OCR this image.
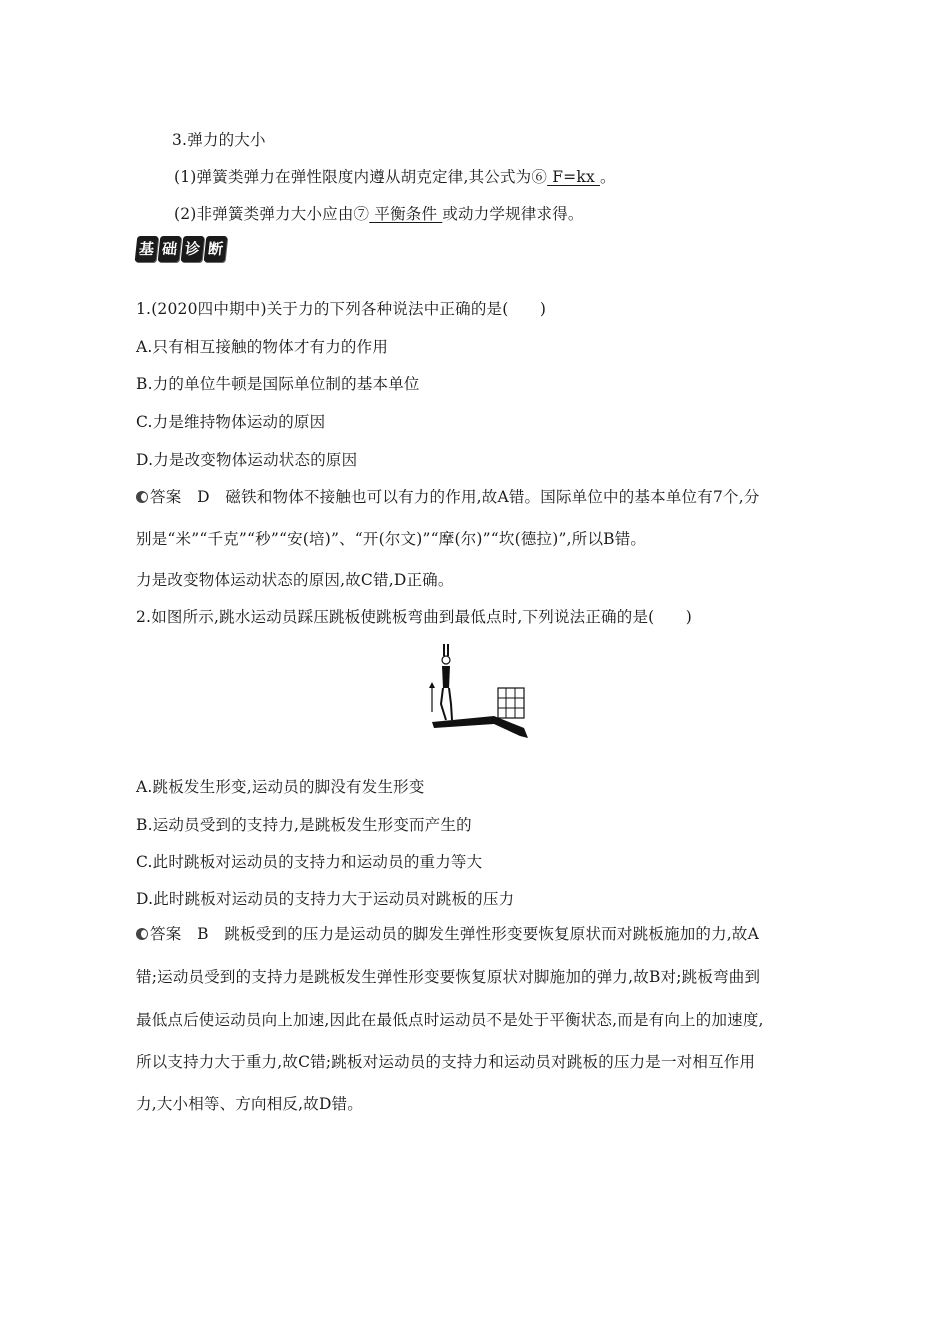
3.弹力的大小
(1)弹簧类弹力在弹性限度内遵从胡克定律,其公式为⑥ F=kx 。
(2)非弹簧类弹力大小应由⑦ 平衡条件 或动力学规律求得。
基 础 诊 断
1.(2020四中期中)关于力的下列各种说法中正确的是(　　)
A.只有相互接触的物体才有力的作用
B.力的单位牛顿是国际单位制的基本单位
C.力是维持物体运动的原因
D.力是改变物体运动状态的原因
答案　 D　磁铁和物体不接触也可以有力的作用,故A错。国际单位中的基本单位有7个,分
别是“米”“千克”“秒”“安(培)”、“开(尔文)”“摩(尔)”“坎(德拉)”,所以B错。
力是改变物体运动状态的原因,故C错,D正确。
2.如图所示,跳水运动员踩压跳板使跳板弯曲到最低点时,下列说法正确的是(　　)
A.跳板发生形变,运动员的脚没有发生形变
B.运动员受到的支持力,是跳板发生形变而产生的
C.此时跳板对运动员的支持力和运动员的重力等大
D.此时跳板对运动员的支持力大于运动员对跳板的压力
答案　 B　跳板受到的压力是运动员的脚发生弹性形变要恢复原状而对跳板施加的力,故A
错;运动员受到的支持力是跳板发生弹性形变要恢复原状对脚施加的弹力,故B对;跳板弯曲到
最低点后使运动员向上加速,因此在最低点时运动员不是处于平衡状态,而是有向上的加速度,
所以支持力大于重力,故C错;跳板对运动员的支持力和运动员对跳板的压力是一对相互作用
力,大小相等、方向相反,故D错。
